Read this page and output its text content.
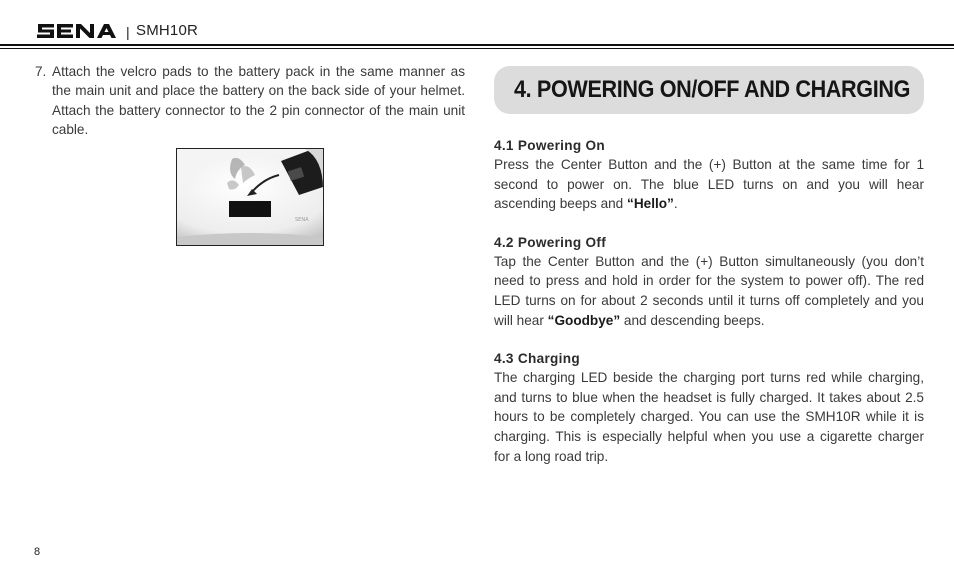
| SMH10R
7. Attach the velcro pads to the battery pack in the same manner as the main unit and place the battery on the back side of your helmet. Attach the battery connector to the 2 pin connector of the main unit cable.
SENA
4. POWERING ON/OFF AND CHARGING
4.1 Powering On
Press the Center Button and the (+) Button at the same time for 1 second to power on. The blue LED turns on and you will hear ascending beeps and “Hello”.
4.2 Powering Off
Tap the Center Button and the (+) Button simultaneously (you don’t need to press and hold in order for the system to power off). The red LED turns on for about 2 seconds until it turns off completely and you will hear “Goodbye” and descending beeps.
4.3 Charging
The charging LED beside the charging port turns red while charging, and turns to blue when the headset is fully charged. It takes about 2.5 hours to be completely charged. You can use the SMH10R while it is charging. This is especially helpful when you use a cigarette charger for a long road trip.
8
